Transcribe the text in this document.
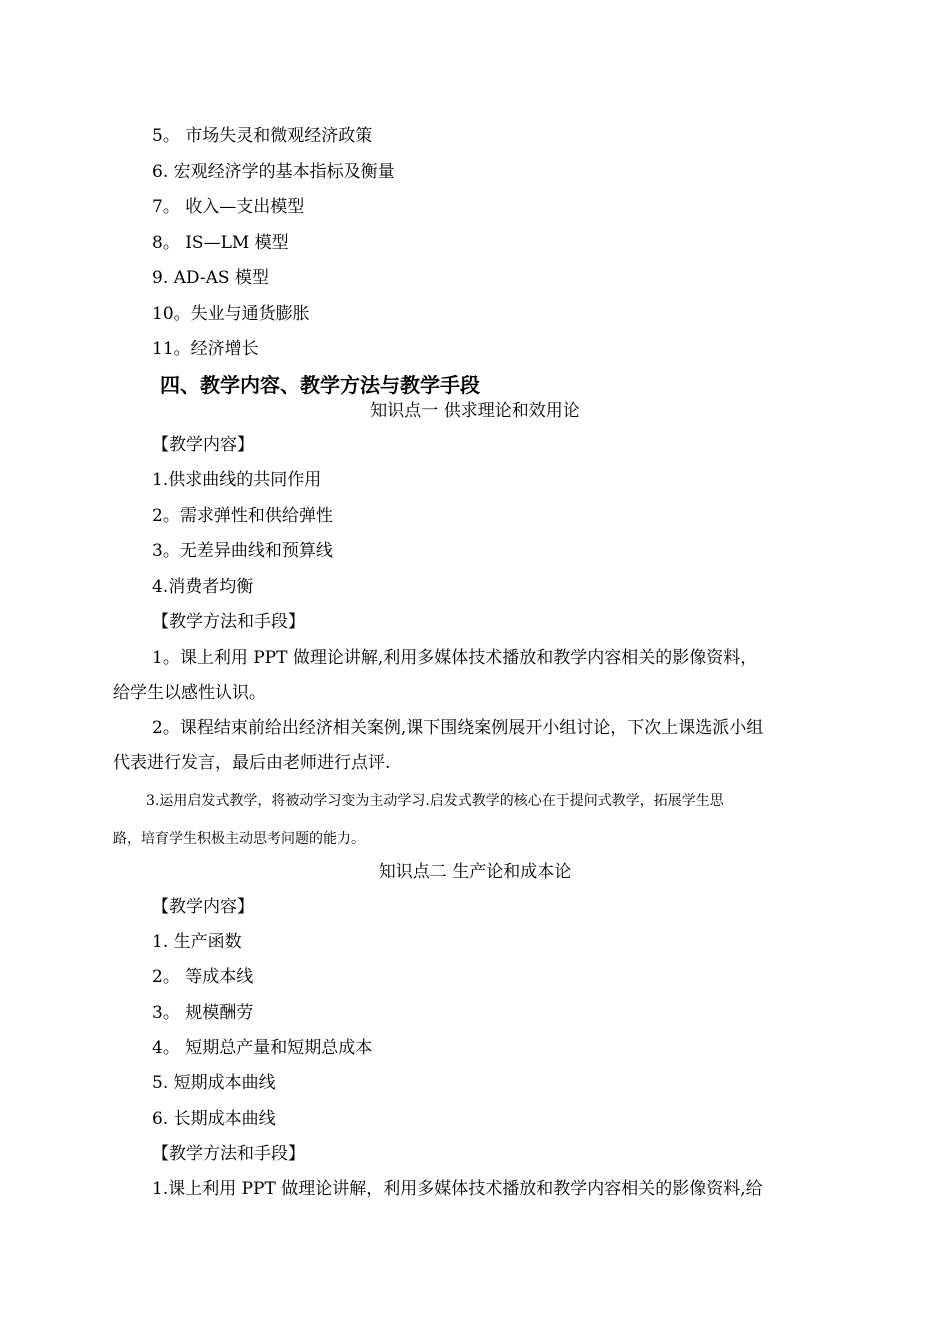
5。 市场失灵和微观经济政策
6. 宏观经济学的基本指标及衡量
7。 收入—支出模型
8。 IS—LM 模型
9. AD-AS 模型
10。失业与通货膨胀
11。经济增长
四、教学内容、教学方法与教学手段
知识点一 供求理论和效用论
【教学内容】
1.供求曲线的共同作用
2。需求弹性和供给弹性
3。无差异曲线和预算线
4.消费者均衡
【教学方法和手段】
1。课上利用 PPT 做理论讲解,利用多媒体技术播放和教学内容相关的影像资料，
给学生以感性认识。
2。课程结束前给出经济相关案例,课下围绕案例展开小组讨论，下次上课选派小组
代表进行发言，最后由老师进行点评.
3.运用启发式教学，将被动学习变为主动学习.启发式教学的核心在于提问式教学，拓展学生思
路，培育学生积极主动思考问题的能力。
知识点二 生产论和成本论
【教学内容】
1. 生产函数
2。 等成本线
3。 规模酬劳
4。 短期总产量和短期总成本
5. 短期成本曲线
6. 长期成本曲线
【教学方法和手段】
1.课上利用 PPT 做理论讲解，利用多媒体技术播放和教学内容相关的影像资料,给
